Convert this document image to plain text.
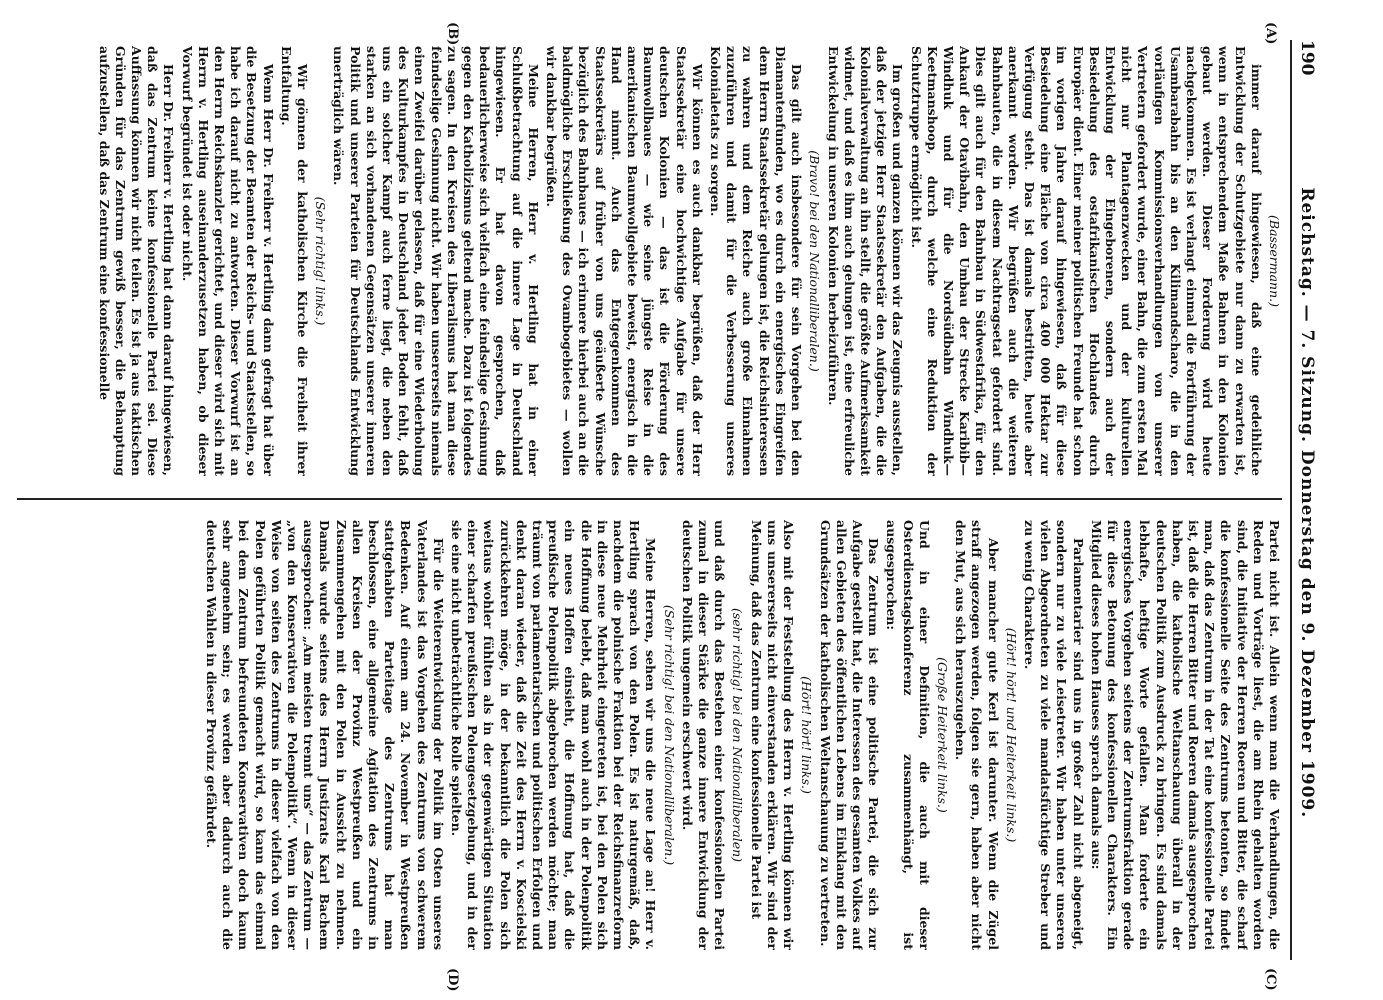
190
Reichstag. — 7. Sitzung. Donnerstag den 9. Dezember 1909.
(A)
(B)
(C)
(D)

(Bassermann.)

immer darauf hingewiesen, daß eine gedeihliche Entwicklung der Schutzgebiete nur dann zu erwarten ist, wenn in entsprechendem Maße Bahnen in den Kolonien gebaut werden. Dieser Forderung wird heute nachgekommen. Es ist verlangt einmal die Fortführung der Usambarabahn bis an den Kilimandscharo, die in den vorläufigen Kommissionsverhandlungen von unserer Vertretern gefordert wurde, einer Bahn, die zum ersten Mal nicht nur Plantagenzwecken und der kulturellen Entwicklung der Eingeborenen, sondern auch der Besiedelung des ostafrikanischen Hochlandes durch Europäer dient. Einer meiner politischen Freunde hat schon im vorigen Jahre darauf hingewiesen, daß für diese Besiedelung eine Fläche von circa 400 000 Hektar zur Verfügung steht. Das ist damals bestritten, heute aber anerkannt worden. Wir begrüßen auch die weiteren Bahnbauten, die in diesem Nachtragsetat gefordert sind. Dies gilt auch für den Bahnbau in Südwestafrika, für den Ankauf der Otavibahn, den Umbau der Strecke Karibib—Windhuk und für die Nordsüdbahn Windhuk—Keetmanshoop, durch welche eine Reduktion der Schutztruppe ermöglicht ist.

Im großen und ganzen können wir das Zeugnis ausstellen, daß der jetzige Herr Staatssekretär den Aufgaben, die die Kolonialverwaltung an ihn stellt, die größte Aufmerksamkeit widmet, und daß es ihm auch gelungen ist, eine erfreuliche Entwickelung in unseren Kolonien herbeizuführen.

(Bravo! bei den Nationalliberalen.)

Das gilt auch insbesondere für sein Vorgehen bei den Diamantenfunden, wo es durch ein energisches Eingreifen dem Herrn Staatssekretär gelungen ist, die Reichsinteressen zu wahren und dem Reiche auch große Einnahmen zuzuführen und damit für die Verbesserung unseres Kolonialetats zu sorgen.

Wir können es auch dankbar begrüßen, daß der Herr Staatssekretär eine hochwichtige Aufgabe für unsere deutschen Kolonien — das ist die Förderung des Baumwollbaues — wie seine jüngste Reise in die amerikanischen Baumwollgebiete beweist, energisch in die Hand nimmt. Auch das Entgegenkommen des Staatssekretärs auf früher von uns geäußerte Wünsche bezüglich des Bahnbaues — ich erinnere hierbei auch an die baldmögliche Erschließung des Ovambogebietes — wollen wir dankbar begrüßen.

Meine Herren, Herr v. Hertling hat in einer Schlußbetrachtung auf die innere Lage in Deutschland hingewiesen. Er hat davon gesprochen, daß bedauerlicherweise sich vielfach eine feindselige Gesinnung gegen den Katholizismus geltend mache. Dazu ist folgendes zu sagen. In den Kreisen des Liberalismus hat man diese feindselige Gesinnung nicht. Wir haben unsererseits niemals einen Zweifel darüber gelassen, daß für eine Wiederholung des Kulturkampfes in Deutschland jeder Boden fehlt, daß uns ein solcher Kampf auch ferne liegt, die neben den starken an sich vorhandenen Gegensätzen unserer inneren Politik und unserer Parteien für Deutschlands Entwicklung unerträglich wären.

(Sehr richtig! links.)

Wir gönnen der katholischen Kirche die Freiheit ihrer Entfaltung.

Wenn Herr Dr. Freiherr v. Hertling dann gefragt hat über die Besetzung der Beamten der Reichs- und Staatsstellen, so habe ich darauf nicht zu antworten. Dieser Vorwurf ist an den Herrn Reichskanzler gerichtet, und dieser wird sich mit Herrn v. Hertling auseinanderzusetzen haben, ob dieser Vorwurf begründet ist oder nicht.

Herr Dr. Freiherr v. Hertling hat dann darauf hingewiesen, daß das Zentrum keine konfessionelle Partei sei. Diese Auffassung können wir nicht teilen. Es ist ja aus taktischen Gründen für das Zentrum gewiß besser, die Behauptung aufzustellen, daß das Zentrum eine konfessionelle

Partei nicht ist. Allein wenn man die Verhandlungen, die Reden und Vorträge liest, die am Rhein gehalten worden sind, die Initiative der Herren Roeren und Bitter, die scharf die konfessionelle Seite des Zentrums betonten, so findet man, daß das Zentrum in der Tat eine konfessionelle Partei ist, daß die Herren Bitter und Roeren damals ausgesprochen haben, die katholische Weltanschauung überall in der deutschen Politik zum Ausdruck zu bringen. Es sind damals lebhafte, heftige Worte gefallen. Man forderte ein energisches Vorgehen seitens der Zentrumsfraktion gerade für diese Betonung des konfessionellen Charakters. Ein Mitglied dieses hohen Hauses sprach damals aus:

Parlamentarier sind uns in großer Zahl nicht abgeneigt, sondern nur zu viele Leisetreter. Wir haben unter unseren vielen Abgeordneten zu viele mandatsfüchtige Streber und zu wenig Charaktere.

(Hört! hört! und Heiterkeit links.)

Aber mancher gute Kerl ist darunter. Wenn die Zügel straff angezogen werden, folgen sie gern, haben aber nicht den Mut, aus sich herauszugehen.

(Große Heiterkeit links.)

Und in einer Definition, die auch mit dieser Osterdienstagskonferenz zusammenhängt, ist ausgesprochen:

Das Zentrum ist eine politische Partei, die sich zur Aufgabe gestellt hat, die Interessen des gesamten Volkes auf allen Gebieten des öffentlichen Lebens im Einklang mit den Grundsätzen der katholischen Weltanschauung zu vertreten.

(Hört! hört! links.)

Also mit der Feststellung des Herrn v. Hertling können wir uns unsererseits nicht einverstanden erklären. Wir sind der Meinung, daß das Zentrum eine konfessionelle Partei ist

(sehr richtig! bei den Nationalliberalen)

und daß durch das Bestehen einer konfessionellen Partei zumal in dieser Stärke die ganze innere Entwicklung der deutschen Politik ungemein erschwert wird.

(Sehr richtig! bei den Nationalliberalen.)

Meine Herren, sehen wir uns die neue Lage an! Herr v. Hertling sprach von den Polen. Es ist naturgemäß, daß, nachdem die polnische Fraktion bei der Reichsfinanzreform in diese neue Mehrheit eingetreten ist, bei den Polen sich die Hoffnung belebt, daß man wohl auch in der Polenpolitik ein neues Hoffen einsieht, die Hoffnung hat, daß die preußische Polenpolitik abgebrochen werden möchte; man träumt von parlamentarischen und politischen Erfolgen und denkt daran wieder, daß die Zeit des Herrn v. Koscielski zurückkehren möge, in der bekanntlich die Polen sich weitaus wohler fühlten als in der gegenwärtigen Situation einer scharfen preußischen Polengesetzgebung, und in der sie eine nicht unbeträchtliche Rolle spielten.

Für die Weiterentwicklung der Politik im Osten unseres Vaterlandes ist das Vorgehen des Zentrums von schwerem Bedenken. Auf einem am 24. November in Westpreußen stattgehabten Parteitage des Zentrums hat man beschlossen, eine allgemeine Agitation des Zentrums in allen Kreisen der Provinz Westpreußen und ein Zusammengehen mit den Polen in Aussicht zu nehmen. Damals wurde seitens des Herrn Justizrats Karl Bachem ausgesprochen: „Am meisten trennt uns“ — das Zentrum — „von den Konservativen die Polenpolitik“. Wenn in dieser Weise von seiten des Zentrums in dieser vielfach von den Polen geführten Politik gemacht wird, so kann das einmal bei dem Zentrum befreundeten Konservativen doch kaum sehr angenehm sein; es werden aber dadurch auch die deutschen Wahlen in dieser Provinz gefährdet.
